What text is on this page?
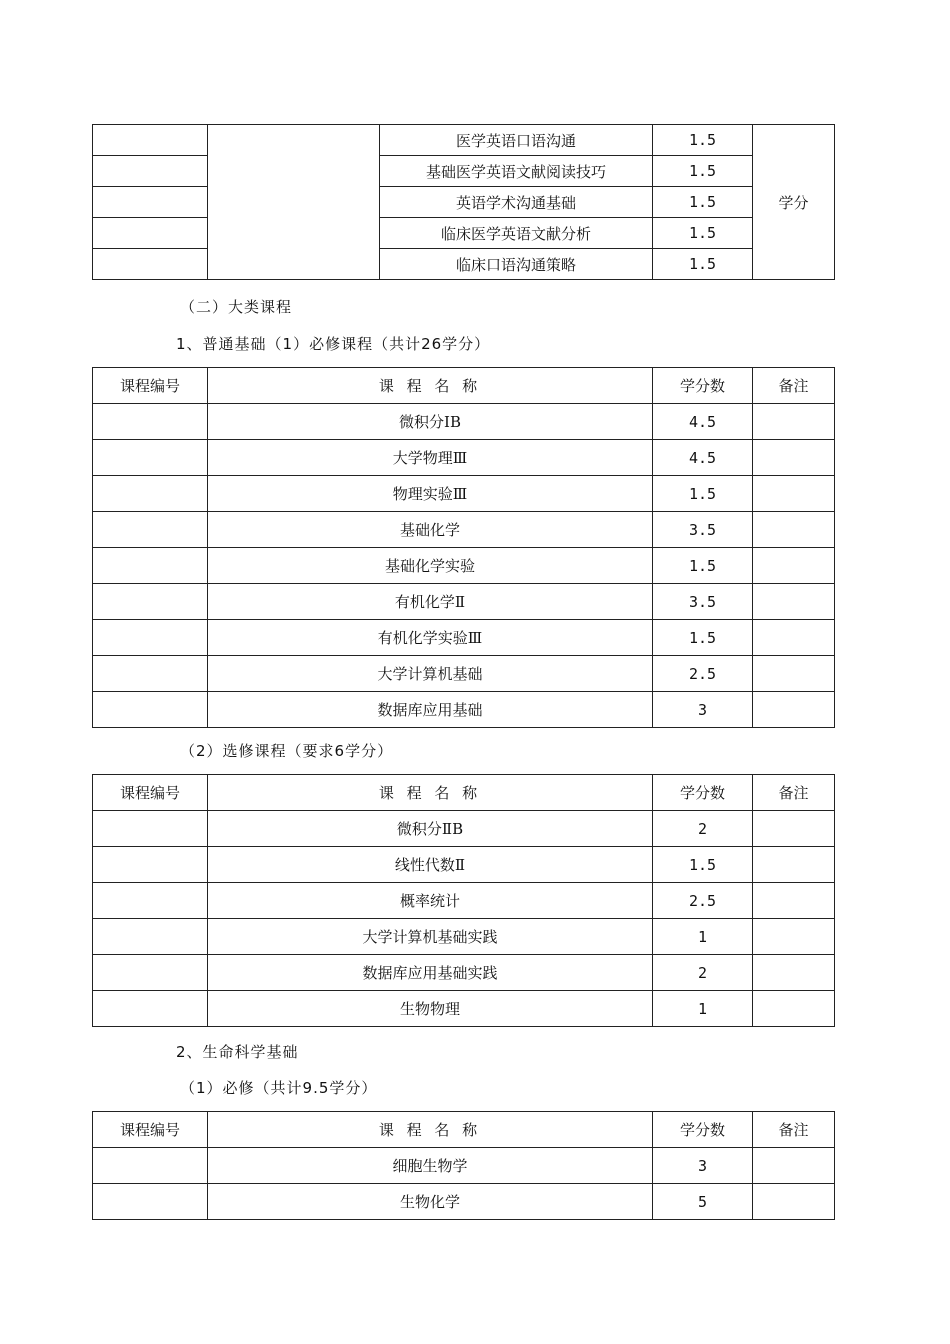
		医学英语口语沟通	1.5	学分
		基础医学英语文献阅读技巧	1.5	
		英语学术沟通基础	1.5	
		临床医学英语文献分析	1.5	
		临床口语沟通策略	1.5	
（二）大类课程
1、普通基础（1）必修课程（共计26学分）
课程编号	课 程 名 称	学分数	备注
	微积分ⅠB	4.5	
	大学物理Ⅲ	4.5	
	物理实验Ⅲ	1.5	
	基础化学	3.5	
	基础化学实验	1.5	
	有机化学Ⅱ	3.5	
	有机化学实验Ⅲ	1.5	
	大学计算机基础	2.5	
	数据库应用基础	3	
（2）选修课程（要求6学分）
课程编号	课 程 名 称	学分数	备注
	微积分ⅡB	2	
	线性代数Ⅱ	1.5	
	概率统计	2.5	
	大学计算机基础实践	1	
	数据库应用基础实践	2	
	生物物理	1	
2、生命科学基础
（1）必修（共计9.5学分）
课程编号	课 程 名 称	学分数	备注
	细胞生物学	3	
	生物化学	5	
